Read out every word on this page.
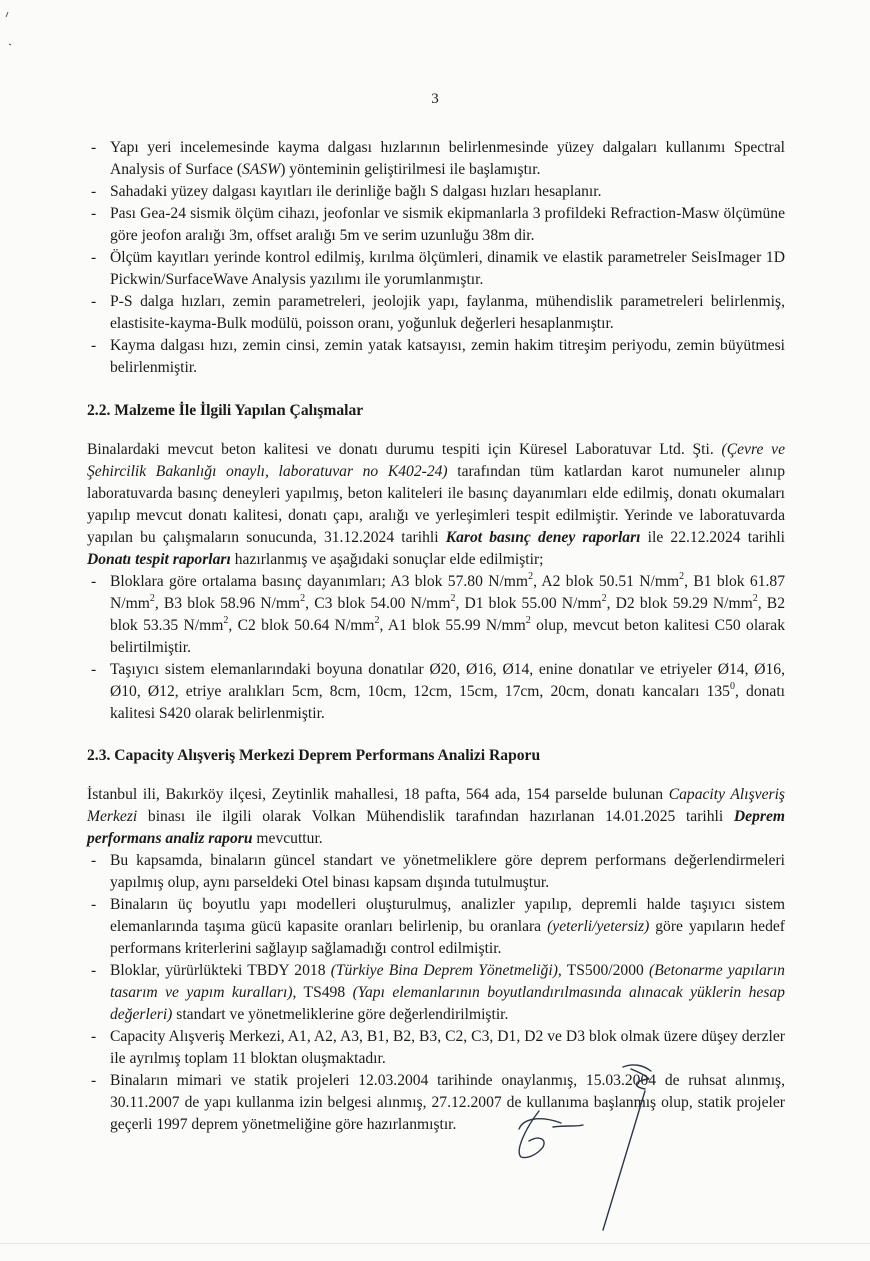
3
- Yapı yeri incelemesinde kayma dalgası hızlarının belirlenmesinde yüzey dalgaları kullanımı Spectral Analysis of Surface (SASW) yönteminin geliştirilmesi ile başlamıştır.
- Sahadaki yüzey dalgası kayıtları ile derinliğe bağlı S dalgası hızları hesaplanır.
- Pası Gea-24 sismik ölçüm cihazı, jeofonlar ve sismik ekipmanlarla 3 profildeki Refraction-Masw ölçümüne göre jeofon aralığı 3m, offset aralığı 5m ve serim uzunluğu 38m dir.
- Ölçüm kayıtları yerinde kontrol edilmiş, kırılma ölçümleri, dinamik ve elastik parametreler SeisImager 1D Pickwin/SurfaceWave Analysis yazılımı ile yorumlanmıştır.
- P-S dalga hızları, zemin parametreleri, jeolojik yapı, faylanma, mühendislik parametreleri belirlenmiş, elastisite-kayma-Bulk modülü, poisson oranı, yoğunluk değerleri hesaplanmıştır.
- Kayma dalgası hızı, zemin cinsi, zemin yatak katsayısı, zemin hakim titreşim periyodu, zemin büyütmesi belirlenmiştir.
2.2. Malzeme İle İlgili Yapılan Çalışmalar

Binalardaki mevcut beton kalitesi ve donatı durumu tespiti için Küresel Laboratuvar Ltd. Şti. (Çevre ve Şehircilik Bakanlığı onaylı, laboratuvar no K402-24) tarafından tüm katlardan karot numuneler alınıp laboratuvarda basınç deneyleri yapılmış, beton kaliteleri ile basınç dayanımları elde edilmiş, donatı okumaları yapılıp mevcut donatı kalitesi, donatı çapı, aralığı ve yerleşimleri tespit edilmiştir. Yerinde ve laboratuvarda yapılan bu çalışmaların sonucunda, 31.12.2024 tarihli Karot basınç deney raporları ile 22.12.2024 tarihli Donatı tespit raporları hazırlanmış ve aşağıdaki sonuçlar elde edilmiştir;

- Bloklara göre ortalama basınç dayanımları; A3 blok 57.80 $N/mm^2$, A2 blok 50.51 $N/mm^2$, B1 blok 61.87 $N/mm^2$, B3 blok 58.96 $N/mm^2$, C3 blok 54.00 $N/mm^2$, D1 blok 55.00 $N/mm^2$, D2 blok 59.29 $N/mm^2$, B2 blok 53.35 $N/mm^2$, C2 blok 50.64 $N/mm^2$, A1 blok 55.99 $N/mm^2$ olup, mevcut beton kalitesi C50 olarak belirtilmiştir.
- Taşıyıcı sistem elemanlarındaki boyuna donatılar Ø20, Ø16, Ø14, enine donatılar ve etriyeler Ø14, Ø16, Ø10, Ø12, etriye aralıkları 5cm, 8cm, 10cm, 12cm, 15cm, 17cm, 20cm, donatı kancaları $135^0$, donatı kalitesi S420 olarak belirlenmiştir.
2.3. Capacity Alışveriş Merkezi Deprem Performans Analizi Raporu

İstanbul ili, Bakırköy ilçesi, Zeytinlik mahallesi, 18 pafta, 564 ada, 154 parselde bulunan Capacity Alışveriş Merkezi binası ile ilgili olarak Volkan Mühendislik tarafından hazırlanan 14.01.2025 tarihli Deprem performans analiz raporu mevcuttur.

- Bu kapsamda, binaların güncel standart ve yönetmeliklere göre deprem performans değerlendirmeleri yapılmış olup, aynı parseldeki Otel binası kapsam dışında tutulmuştur.
- Binaların üç boyutlu yapı modelleri oluşturulmuş, analizler yapılıp, depremli halde taşıyıcı sistem elemanlarında taşıma gücü kapasite oranları belirlenip, bu oranlara (yeterli/yetersiz) göre yapıların hedef performans kriterlerini sağlayıp sağlamadığı control edilmiştir.
- Bloklar, yürürlükteki TBDY 2018 (Türkiye Bina Deprem Yönetmeliği), TS500/2000 (Betonarme yapıların tasarım ve yapım kuralları), TS498 (Yapı elemanlarının boyutlandırılmasında alınacak yüklerin hesap değerleri) standart ve yönetmeliklerine göre değerlendirilmiştir.
- Capacity Alışveriş Merkezi, A1, A2, A3, B1, B2, B3, C2, C3, D1, D2 ve D3 blok olmak üzere düşey derzler ile ayrılmış toplam 11 bloktan oluşmaktadır.
- Binaların mimari ve statik projeleri 12.03.2004 tarihinde onaylanmış, 15.03.2004 de ruhsat alınmış, 30.11.2007 de yapı kullanma izin belgesi alınmış, 27.12.2007 de kullanıma başlanmış olup, statik projeler geçerli 1997 deprem yönetmeliğine göre hazırlanmıştır.
